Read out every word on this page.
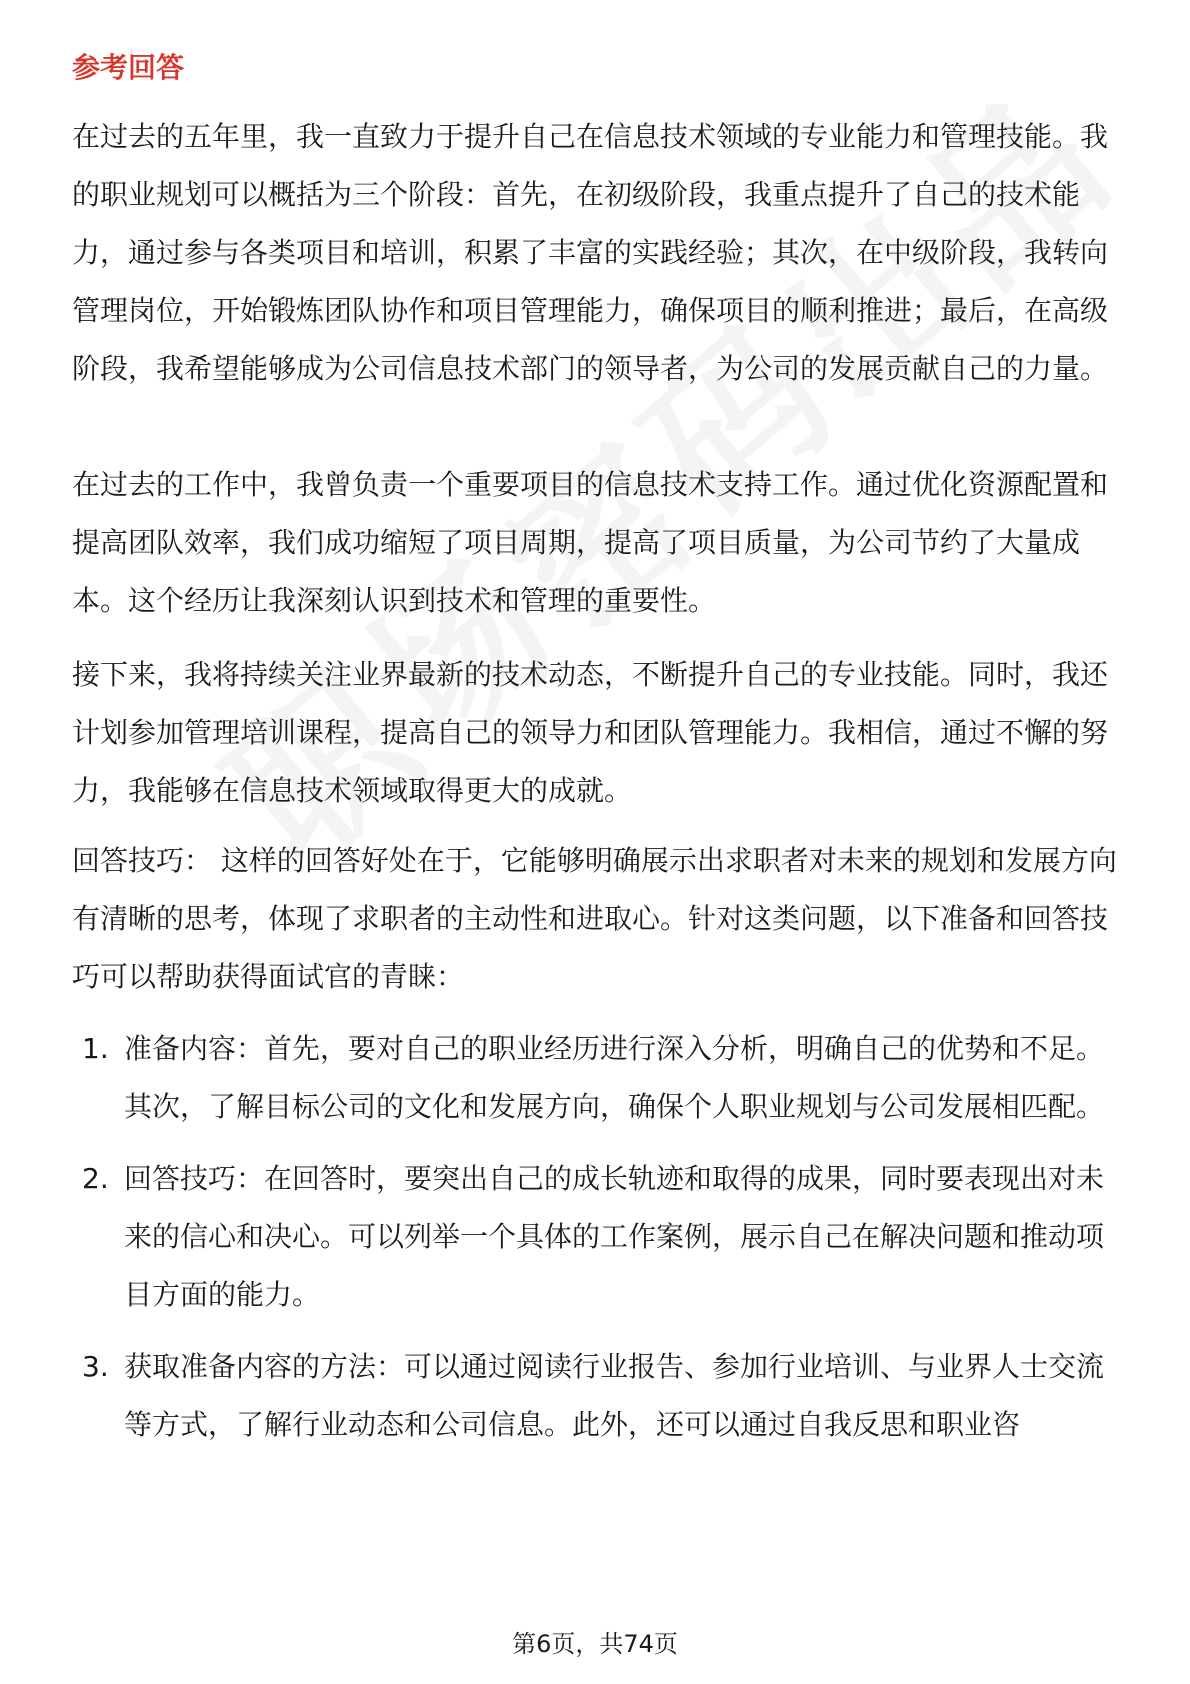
参考回答

在过去的五年里，我一直致力于提升自己在信息技术领域的专业能力和管理技能。我的职业规划可以概括为三个阶段：首先，在初级阶段，我重点提升了自己的技术能力，通过参与各类项目和培训，积累了丰富的实践经验；其次，在中级阶段，我转向管理岗位，开始锻炼团队协作和项目管理能力，确保项目的顺利推进；最后，在高级阶段，我希望能够成为公司信息技术部门的领导者，为公司的发展贡献自己的力量。

在过去的工作中，我曾负责一个重要项目的信息技术支持工作。通过优化资源配置和提高团队效率，我们成功缩短了项目周期，提高了项目质量，为公司节约了大量成本。这个经历让我深刻认识到技术和管理的重要性。

接下来，我将持续关注业界最新的技术动态，不断提升自己的专业技能。同时，我还计划参加管理培训课程，提高自己的领导力和团队管理能力。我相信，通过不懈的努力，我能够在信息技术领域取得更大的成就。

回答技巧： 这样的回答好处在于，它能够明确展示出求职者对未来的规划和发展方向有清晰的思考，体现了求职者的主动性和进取心。针对这类问题，以下准备和回答技巧可以帮助获得面试官的青睐：

1. 准备内容：首先，要对自己的职业经历进行深入分析，明确自己的优势和不足。其次，了解目标公司的文化和发展方向，确保个人职业规划与公司发展相匹配。
2. 回答技巧：在回答时，要突出自己的成长轨迹和取得的成果，同时要表现出对未来的信心和决心。可以列举一个具体的工作案例，展示自己在解决问题和推动项目方面的能力。
3. 获取准备内容的方法：可以通过阅读行业报告、参加行业培训、与业界人士交流等方式，了解行业动态和公司信息。此外，还可以通过自我反思和职业咨
第6页，共74页
